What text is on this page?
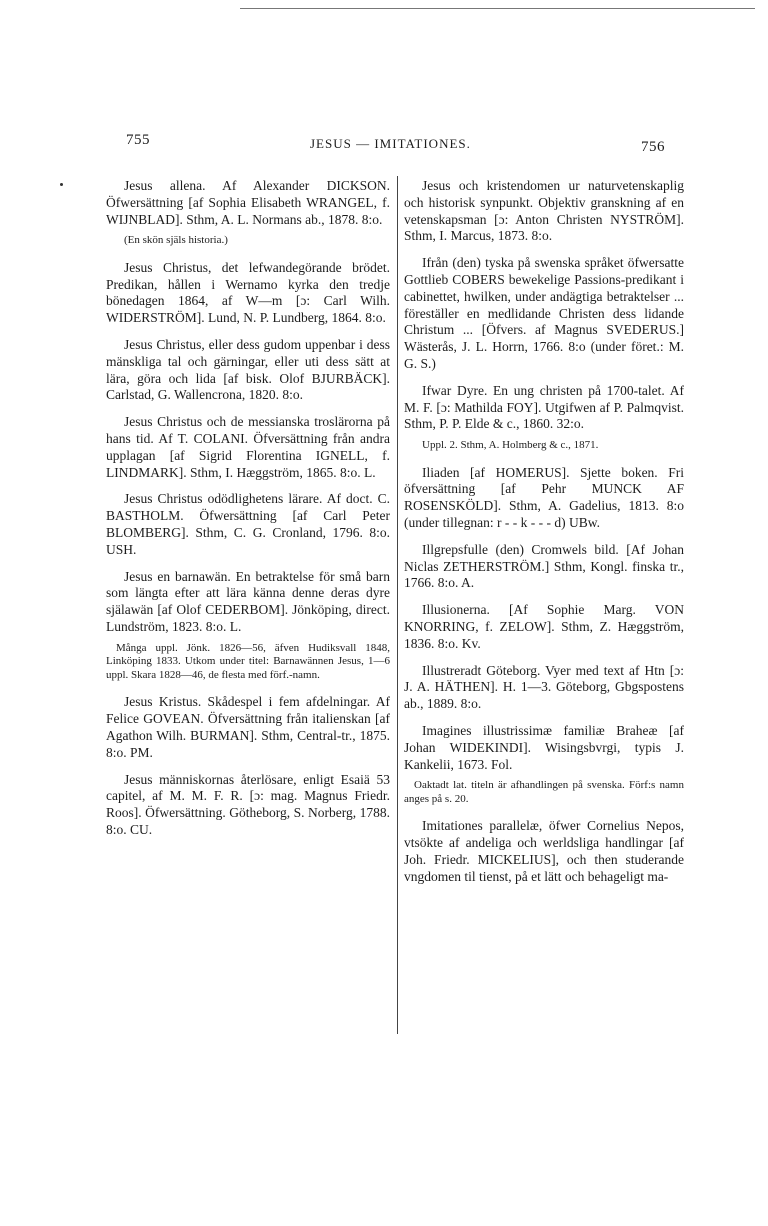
755	JESUS — IMITATIONES.	756

Jesus allena. Af Alexander DICKSON. Öfwersättning [af Sophia Elisabeth WRANGEL, f. WIJNBLAD]. Sthm, A. L. Normans ab., 1878. 8:o.

(En skön själs historia.)

Jesus Christus, det lefwandegörande brödet. Predikan, hållen i Wernamo kyrka den tredje bönedagen 1864, af W—m [ɔ: Carl Wilh. WIDERSTRÖM]. Lund, N. P. Lundberg, 1864. 8:o.

Jesus Christus, eller dess gudom uppenbar i dess mänskliga tal och gärningar, eller uti dess sätt at lära, göra och lida [af bisk. Olof BJURBÄCK]. Carlstad, G. Wallencrona, 1820. 8:o.

Jesus Christus och de messianska troslärorna på hans tid. Af T. COLANI. Öfversättning från andra upplagan [af Sigrid Florentina IGNELL, f. LINDMARK]. Sthm, I. Hæggström, 1865. 8:o. L.

Jesus Christus odödlighetens lärare. Af doct. C. BASTHOLM. Öfwersättning [af Carl Peter BLOMBERG]. Sthm, C. G. Cronland, 1796. 8:o. USH.

Jesus en barnawän. En betraktelse för små barn som längta efter att lära känna denne deras dyre själawän [af Olof CEDERBOM]. Jönköping, direct. Lundström, 1823. 8:o. L.

Många uppl. Jönk. 1826—56, äfven Hudiksvall 1848, Linköping 1833. Utkom under titel: Barnawännen Jesus, 1—6 uppl. Skara 1828—46, de flesta med förf.-namn.

Jesus Kristus. Skådespel i fem afdelningar. Af Felice GOVEAN. Öfversättning från italienskan [af Agathon Wilh. BURMAN]. Sthm, Central-tr., 1875. 8:o. PM.

Jesus människornas återlösare, enligt Esaiä 53 capitel, af M. M. F. R. [ɔ: mag. Magnus Friedr. Roos]. Öfwersättning. Götheborg, S. Norberg, 1788. 8:o. CU.

Jesus och kristendomen ur naturvetenskaplig och historisk synpunkt. Objektiv granskning af en vetenskapsman [ɔ: Anton Christen NYSTRÖM]. Sthm, I. Marcus, 1873. 8:o.

Ifrån (den) tyska på swenska språket öfwersatte Gottlieb COBERS bewekelige Passions-predikant i cabinettet, hwilken, under andägtiga betraktelser ... föreställer en medlidande Christen dess lidande Christum ... [Öfvers. af Magnus SVEDERUS.] Wästerås, J. L. Horrn, 1766. 8:o (under föret.: M. G. S.)

Ifwar Dyre. En ung christen på 1700-talet. Af M. F. [ɔ: Mathilda FOY]. Utgifwen af P. Palmqvist. Sthm, P. P. Elde & c., 1860. 32:o.

Uppl. 2. Sthm, A. Holmberg & c., 1871.

Iliaden [af HOMERUS]. Sjette boken. Fri öfversättning [af Pehr MUNCK AF ROSENSKÖLD]. Sthm, A. Gadelius, 1813. 8:o (under tillegnan: r - - k - - - d) UBw.

Illgrepsfulle (den) Cromwels bild. [Af Johan Niclas ZETHERSTRÖM.] Sthm, Kongl. finska tr., 1766. 8:o. A.

Illusionerna. [Af Sophie Marg. VON KNORRING, f. ZELOW]. Sthm, Z. Hæggström, 1836. 8:o. Kv.

Illustreradt Göteborg. Vyer med text af Htn [ɔ: J. A. HÄTHEN]. H. 1—3. Göteborg, Gbgspostens ab., 1889. 8:o.

Imagines illustrissimæ familiæ Braheæ [af Johan WIDEKINDI]. Wisingsbvrgi, typis J. Kankelii, 1673. Fol.

Oaktadt lat. titeln är afhandlingen på svenska. Förf:s namn anges på s. 20.

Imitationes parallelæ, öfwer Cornelius Nepos, vtsökte af andeliga och werldsliga handlingar [af Joh. Friedr. MICKELIUS], och then studerande vngdomen til tienst, på et lätt och behageligt ma-
